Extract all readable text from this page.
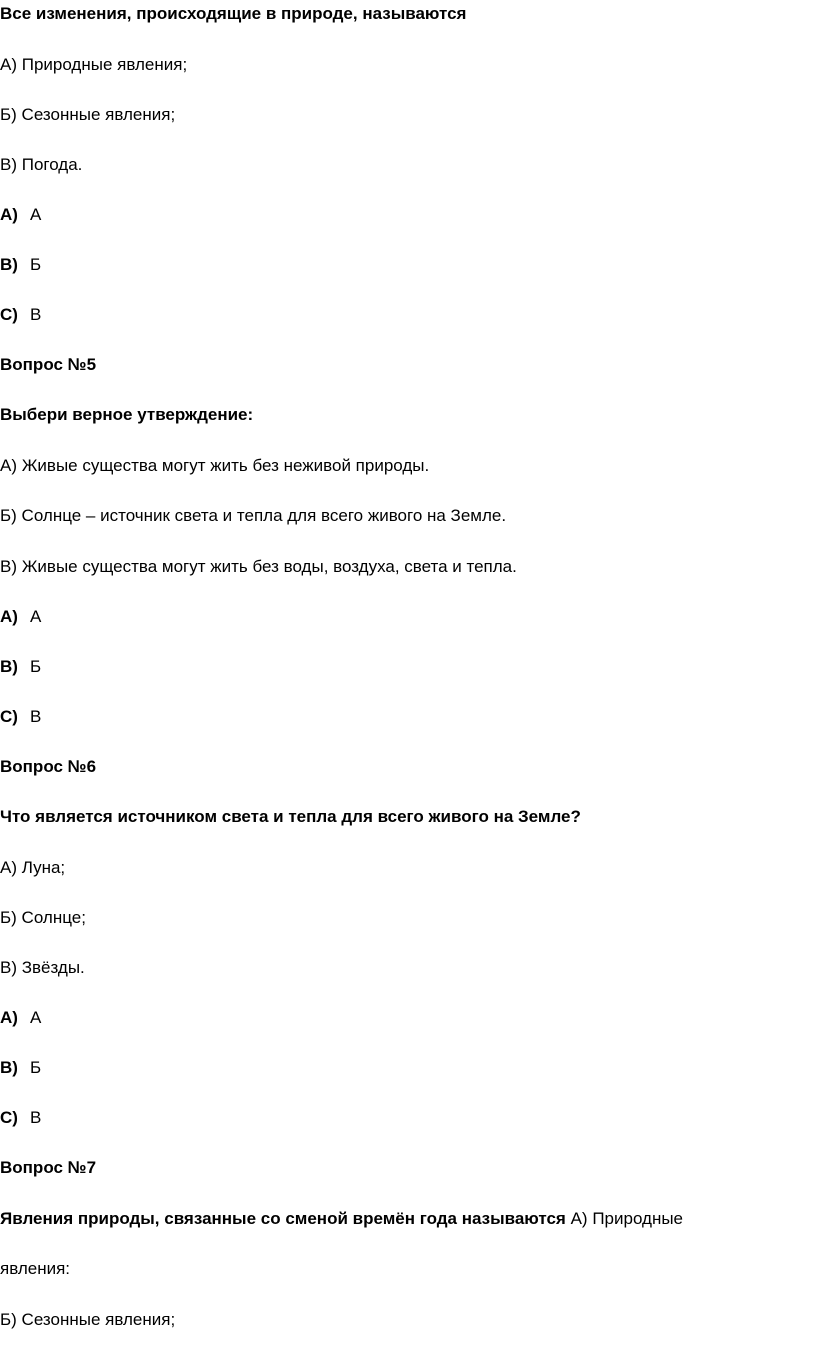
Все изменения, происходящие в природе, называются

А) Природные явления;

Б) Сезонные явления;

В) Погода.

A) А

B) Б

C) В

Вопрос №5

Выбери верное утверждение:

А) Живые существа могут жить без неживой природы.

Б) Солнце – источник света и тепла для всего живого на Земле.

В) Живые существа могут жить без воды, воздуха, света и тепла.

A) А

B) Б

C) В

Вопрос №6

Что является источником света и тепла для всего живого на Земле?

А) Луна;

Б) Солнце;

В) Звёзды.

A) А

B) Б

C) В

Вопрос №7

Явления природы, связанные со сменой времён года называются А) Природные

явления:

Б) Сезонные явления;
